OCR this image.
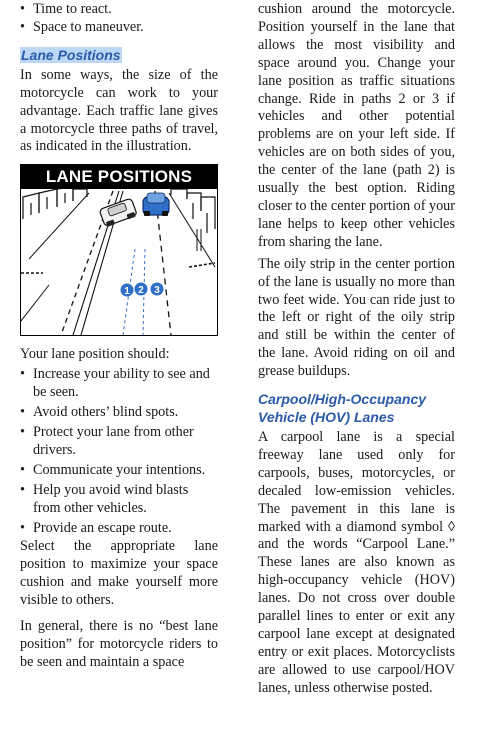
• Time to react.
• Space to maneuver.
Lane Positions

In some ways, the size of the motorcycle can work to your advantage. Each traffic lane gives a motorcycle three paths of travel, as indicated in the illustration.

LANE POSITIONS
1 2 3

Your lane position should:

• Increase your ability to see and be seen.
• Avoid others’ blind spots.
• Protect your lane from other drivers.
• Communicate your intentions.
• Help you avoid wind blasts from other vehicles.
• Provide an escape route.

Select the appropriate lane position to maximize your space cushion and make yourself more visible to others.

In general, there is no “best lane position” for motorcycle riders to be seen and maintain a space

cushion around the motorcycle. Position yourself in the lane that allows the most visibility and space around you. Change your lane position as traffic situations change. Ride in paths 2 or 3 if vehicles and other potential problems are on your left side. If vehicles are on both sides of you, the center of the lane (path 2) is usually the best option. Riding closer to the center portion of your lane helps to keep other vehicles from sharing the lane.

The oily strip in the center portion of the lane is usually no more than two feet wide. You can ride just to the left or right of the oily strip and still be within the center of the lane. Avoid riding on oil and grease buildups.

Carpool/High-Occupancy Vehicle (HOV) Lanes

A carpool lane is a special freeway lane used only for carpools, buses, motorcycles, or decaled low-emission vehicles. The pavement in this lane is marked with a diamond symbol ◊ and the words “Carpool Lane.” These lanes are also known as high-occupancy vehicle (HOV) lanes. Do not cross over double parallel lines to enter or exit any carpool lane except at designated entry or exit places. Motorcyclists are allowed to use carpool/HOV lanes, unless otherwise posted.
